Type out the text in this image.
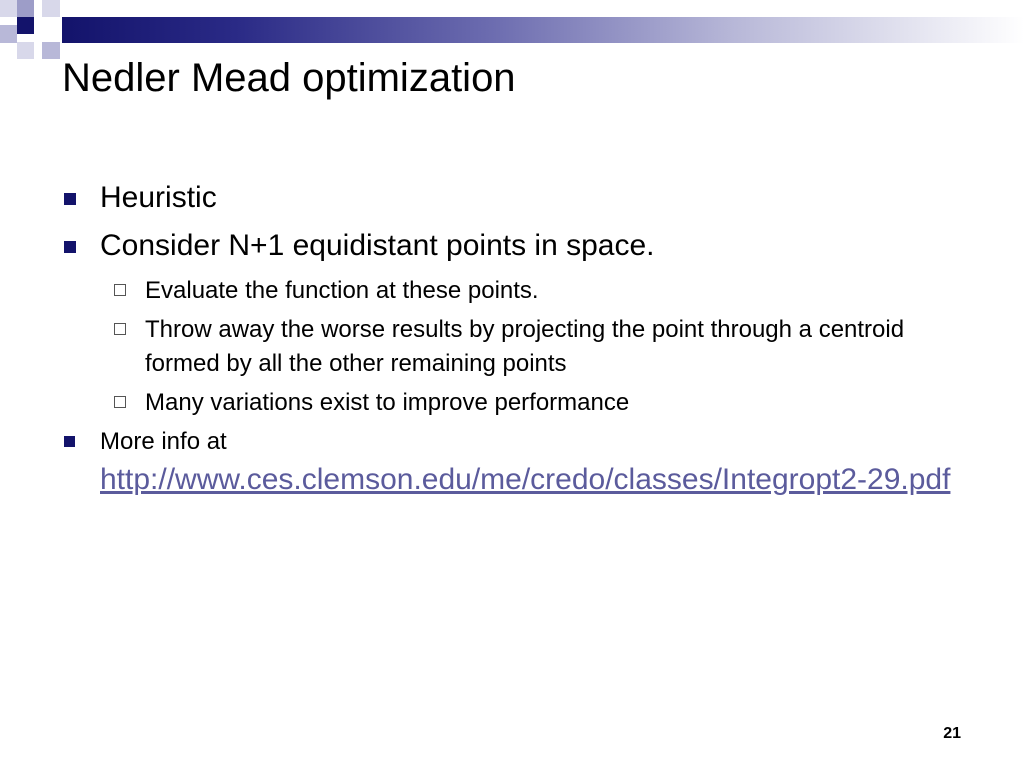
Nedler Mead optimization
Heuristic
Consider N+1 equidistant points in space.
Evaluate the function at these points.
Throw away the worse results by projecting the point through a centroid formed by all the other remaining points
Many variations exist to improve performance
More info at
http://www.ces.clemson.edu/me/credo/classes/Integropt2-29.pdf
21
